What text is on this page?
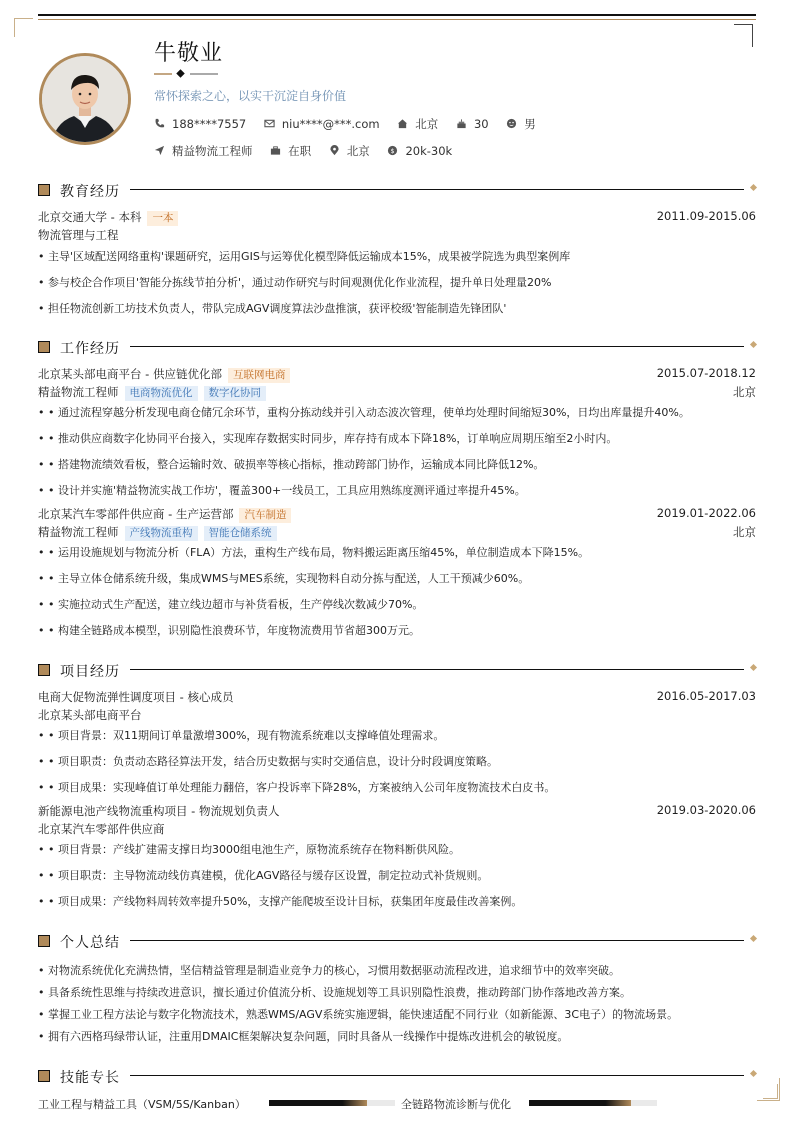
牛敬业
常怀探索之心，以实干沉淀自身价值
188****7557	niu****@***.com	北京	30	男
精益物流工程师	在职	北京	$ 20k-30k
教育经历
北京交通大学 - 本科 一本	2011.09-2015.06
物流管理与工程
• 主导'区域配送网络重构'课题研究，运用GIS与运筹优化模型降低运输成本15%，成果被学院选为典型案例库
• 参与校企合作项目'智能分拣线节拍分析'，通过动作研究与时间观测优化作业流程，提升单日处理量20%
• 担任物流创新工坊技术负责人，带队完成AGV调度算法沙盘推演，获评校级'智能制造先锋团队'
工作经历
北京某头部电商平台 - 供应链优化部 互联网电商	2015.07-2018.12
精益物流工程师 电商物流优化 数字化协同	北京
• • 通过流程穿越分析发现电商仓储冗余环节，重构分拣动线并引入动态波次管理，使单均处理时间缩短30%，日均出库量提升40%。
• • 推动供应商数字化协同平台接入，实现库存数据实时同步，库存持有成本下降18%，订单响应周期压缩至2小时内。
• • 搭建物流绩效看板，整合运输时效、破损率等核心指标，推动跨部门协作，运输成本同比降低12%。
• • 设计并实施'精益物流实战工作坊'，覆盖300+一线员工，工具应用熟练度测评通过率提升45%。
北京某汽车零部件供应商 - 生产运营部 汽车制造	2019.01-2022.06
精益物流工程师 产线物流重构 智能仓储系统	北京
• • 运用设施规划与物流分析（FLA）方法，重构生产线布局，物料搬运距离压缩45%，单位制造成本下降15%。
• • 主导立体仓储系统升级，集成WMS与MES系统，实现物料自动分拣与配送，人工干预减少60%。
• • 实施拉动式生产配送，建立线边超市与补货看板，生产停线次数减少70%。
• • 构建全链路成本模型，识别隐性浪费环节，年度物流费用节省超300万元。
项目经历
电商大促物流弹性调度项目 - 核心成员	2016.05-2017.03
北京某头部电商平台
• • 项目背景：双11期间订单量激增300%，现有物流系统难以支撑峰值处理需求。
• • 项目职责：负责动态路径算法开发，结合历史数据与实时交通信息，设计分时段调度策略。
• • 项目成果：实现峰值订单处理能力翻倍，客户投诉率下降28%，方案被纳入公司年度物流技术白皮书。
新能源电池产线物流重构项目 - 物流规划负责人	2019.03-2020.06
北京某汽车零部件供应商
• • 项目背景：产线扩建需支撑日均3000组电池生产，原物流系统存在物料断供风险。
• • 项目职责：主导物流动线仿真建模，优化AGV路径与缓存区设置，制定拉动式补货规则。
• • 项目成果：产线物料周转效率提升50%，支撑产能爬坡至设计目标，获集团年度最佳改善案例。
个人总结
• 对物流系统优化充满热情，坚信精益管理是制造业竞争力的核心，习惯用数据驱动流程改进，追求细节中的效率突破。
• 具备系统性思维与持续改进意识，擅长通过价值流分析、设施规划等工具识别隐性浪费，推动跨部门协作落地改善方案。
• 掌握工业工程方法论与数字化物流技术，熟悉WMS/AGV系统实施逻辑，能快速适配不同行业（如新能源、3C电子）的物流场景。
• 拥有六西格玛绿带认证，注重用DMAIC框架解决复杂问题，同时具备从一线操作中提炼改进机会的敏锐度。
技能专长
工业工程与精益工具（VSM/5S/Kanban）	全链路物流诊断与优化
